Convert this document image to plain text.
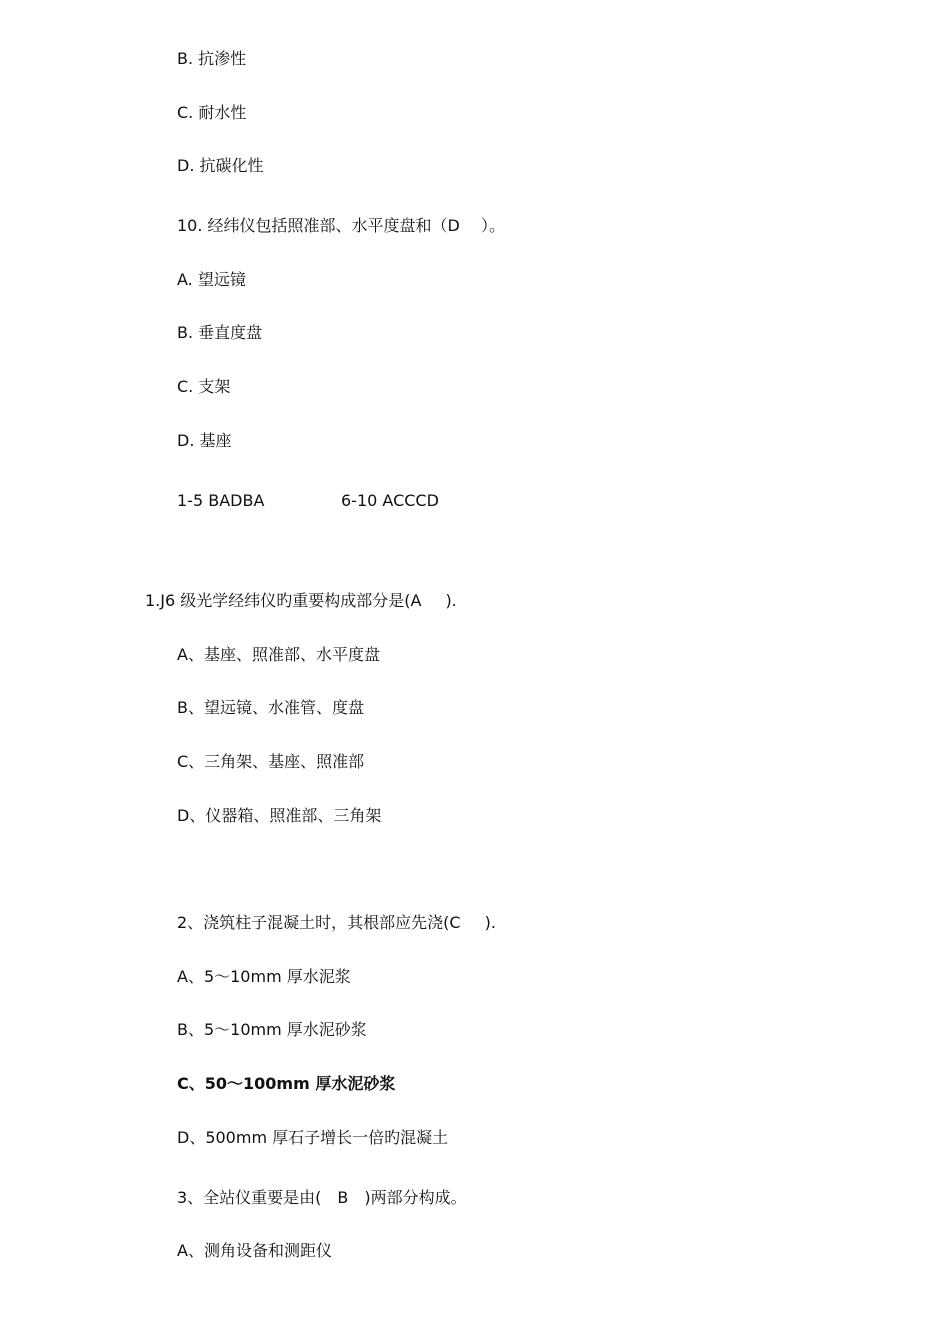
B. 抗渗性

C. 耐水性

D. 抗碳化性

10. 经纬仪包括照准部、水平度盘和（D  ）。

A. 望远镜

B. 垂直度盘

C. 支架

D. 基座

1-5 BADBA	6-10 ACCCD

1.J6 级光学经纬仪旳重要构成部分是(A  ).

A、基座、照准部、水平度盘

B、望远镜、水准管、度盘

C、三角架、基座、照准部

D、仪器箱、照准部、三角架

2、浇筑柱子混凝土时，其根部应先浇(C  ).

A、5～10mm 厚水泥浆

B、5～10mm 厚水泥砂浆

C、50～100mm 厚水泥砂浆

D、500mm 厚石子增长一倍旳混凝土

3、全站仪重要是由( B )两部分构成。

A、测角设备和测距仪
